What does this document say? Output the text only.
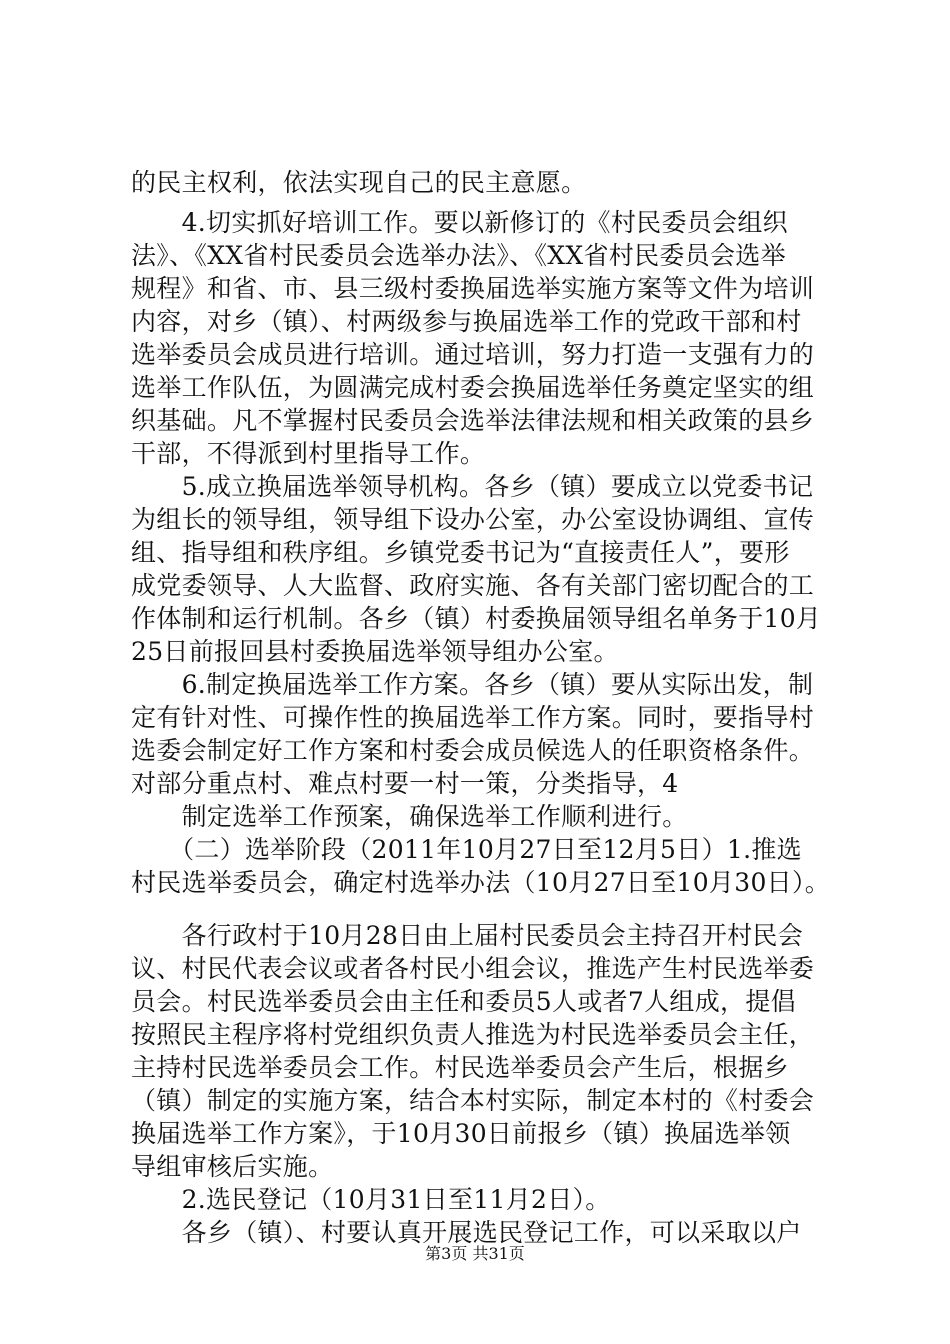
的民主权利，依法实现自己的民主意愿。
　　4.切实抓好培训工作。要以新修订的《村民委员会组织
法》、《XX省村民委员会选举办法》、《XX省村民委员会选举
规程》和省、市、县三级村委换届选举实施方案等文件为培训
内容，对乡（镇）、村两级参与换届选举工作的党政干部和村
选举委员会成员进行培训。通过培训，努力打造一支强有力的
选举工作队伍，为圆满完成村委会换届选举任务奠定坚实的组
织基础。凡不掌握村民委员会选举法律法规和相关政策的县乡
干部，不得派到村里指导工作。
　　5.成立换届选举领导机构。各乡（镇）要成立以党委书记
为组长的领导组，领导组下设办公室，办公室设协调组、宣传
组、指导组和秩序组。乡镇党委书记为“直接责任人”，要形
成党委领导、人大监督、政府实施、各有关部门密切配合的工
作体制和运行机制。各乡（镇）村委换届领导组名单务于10月
25日前报回县村委换届选举领导组办公室。
　　6.制定换届选举工作方案。各乡（镇）要从实际出发，制
定有针对性、可操作性的换届选举工作方案。同时，要指导村
选委会制定好工作方案和村委会成员候选人的任职资格条件。
对部分重点村、难点村要一村一策，分类指导，4
　　制定选举工作预案，确保选举工作顺利进行。
　　（二）选举阶段（2011年10月27日至12月5日）1.推选
村民选举委员会，确定村选举办法（10月27日至10月30日）。
　　各行政村于10月28日由上届村民委员会主持召开村民会
议、村民代表会议或者各村民小组会议，推选产生村民选举委
员会。村民选举委员会由主任和委员5人或者7人组成，提倡
按照民主程序将村党组织负责人推选为村民选举委员会主任，
主持村民选举委员会工作。村民选举委员会产生后，根据乡
（镇）制定的实施方案，结合本村实际，制定本村的《村委会
换届选举工作方案》，于10月30日前报乡（镇）换届选举领
导组审核后实施。
　　2.选民登记（10月31日至11月2日）。
　　各乡（镇）、村要认真开展选民登记工作，可以采取以户
第3页 共31页
